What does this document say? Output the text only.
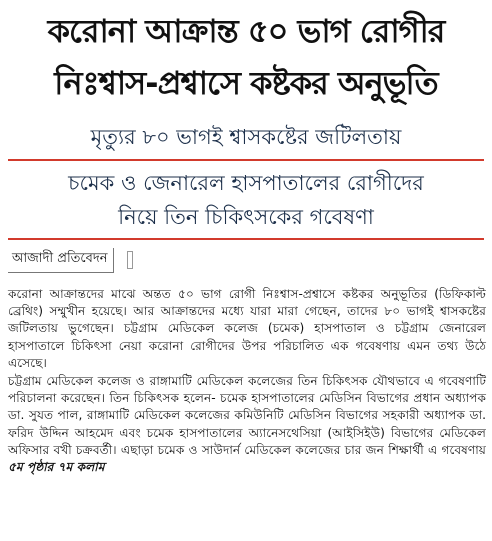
করোনা আক্রান্ত ৫০ ভাগ রোগীর
নিঃশ্বাস-প্রশ্বাসে কষ্টকর অনুভূতি
মৃত্যুর ৮০ ভাগই শ্বাসকষ্টের জটিলতায়
চমেক ও জেনারেল হাসপাতালের রোগীদের
নিয়ে তিন চিকিৎসকের গবেষণা
আজাদী প্রতিবেদন

করোনা আক্রান্তদের মাঝে অন্তত ৫০ ভাগ রোগী নিঃশ্বাস-প্রশ্বাসে কষ্টকর অনুভূতির (ডিফিকাল্ট ব্রেথিং) সম্মুখীন হয়েছে। আর আক্রান্তদের মধ্যে যারা মারা গেছেন, তাদের ৮০ ভাগই শ্বাসকষ্টের জটিলতায় ভুগেছেন। চট্টগ্রাম মেডিকেল কলেজ (চমেক) হাসপাতাল ও চট্টগ্রাম জেনারেল হাসপাতালে চিকিৎসা নেয়া করোনা রোগীদের উপর পরিচালিত এক গবেষণায় এমন তথ্য উঠে এসেছে।

চট্টগ্রাম মেডিকেল কলেজ ও রাঙ্গামাটি মেডিকেল কলেজের তিন চিকিৎসক যৌথভাবে এ গবেষণাটি পরিচালনা করেছেন। তিন চিকিৎসক হলেন- চমেক হাসপাতালের মেডিসিন বিভাগের প্রধান অধ্যাপক ডা. সুযত পাল, রাঙ্গামাটি মেডিকেল কলেজের কমিউনিটি মেডিসিন বিভাগের সহকারী অধ্যাপক ডা. ফরিদ উদ্দিন আহমেদ এবং চমেক হাসপাতালের অ্যানেসথেসিয়া (আইসিইউ) বিভাগের মেডিকেল অফিসার বখী চক্রবর্তী। এছাড়া চমেক ও সাউদার্ন মেডিকেল কলেজের চার জন শিক্ষার্থী এ গবেষণায় ৫ম পৃষ্ঠার ৭ম কলাম
